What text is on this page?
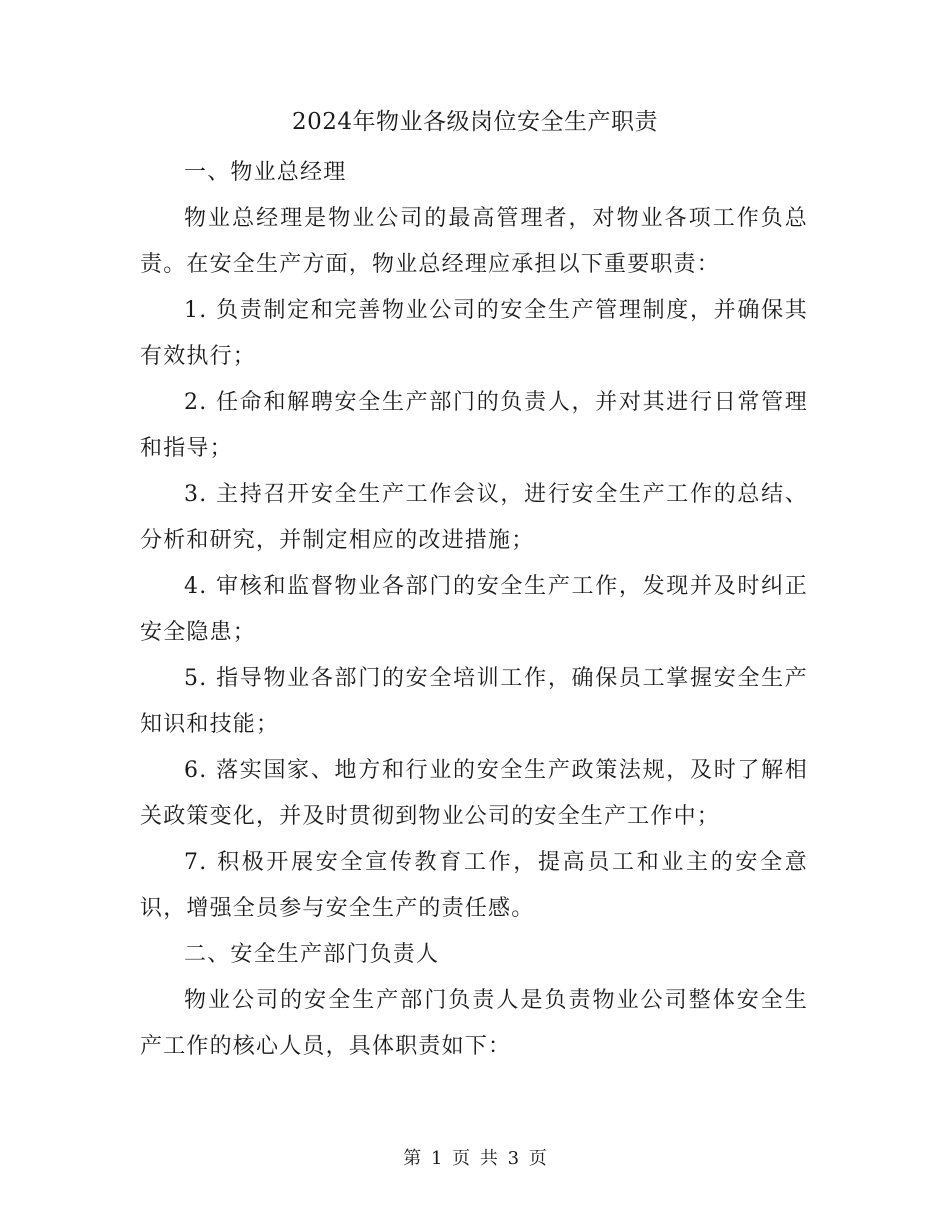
2024年物业各级岗位安全生产职责

一、物业总经理

物业总经理是物业公司的最高管理者，对物业各项工作负总责。在安全生产方面，物业总经理应承担以下重要职责：

1. 负责制定和完善物业公司的安全生产管理制度，并确保其有效执行；

2. 任命和解聘安全生产部门的负责人，并对其进行日常管理和指导；

3. 主持召开安全生产工作会议，进行安全生产工作的总结、分析和研究，并制定相应的改进措施；

4. 审核和监督物业各部门的安全生产工作，发现并及时纠正安全隐患；

5. 指导物业各部门的安全培训工作，确保员工掌握安全生产知识和技能；

6. 落实国家、地方和行业的安全生产政策法规，及时了解相关政策变化，并及时贯彻到物业公司的安全生产工作中；

7. 积极开展安全宣传教育工作，提高员工和业主的安全意识，增强全员参与安全生产的责任感。

二、安全生产部门负责人

物业公司的安全生产部门负责人是负责物业公司整体安全生产工作的核心人员，具体职责如下：

第 1 页 共 3 页
